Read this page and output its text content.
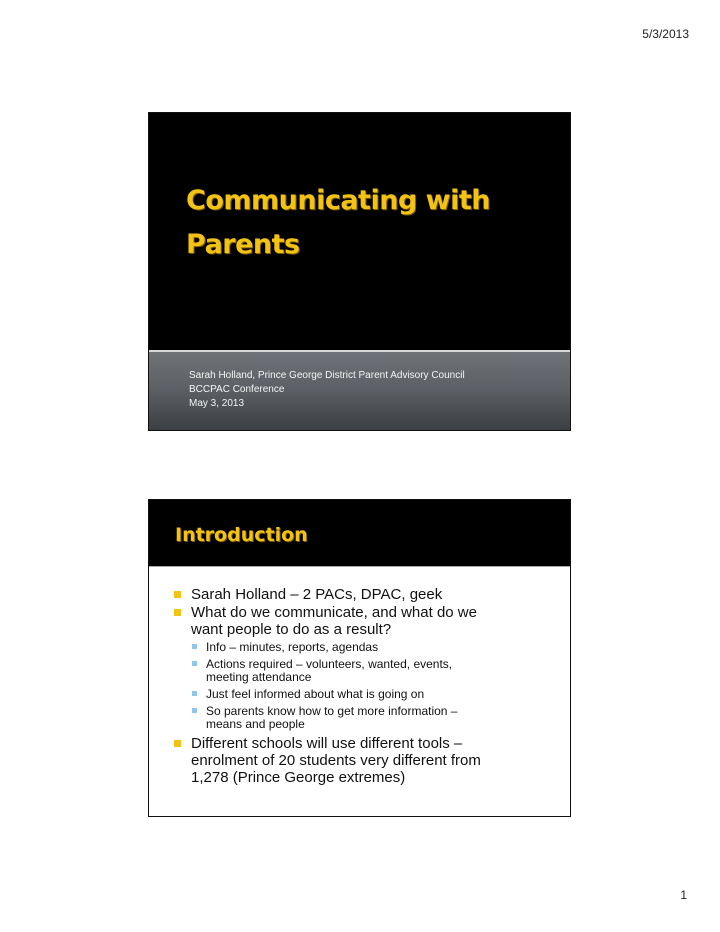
5/3/2013
Communicating with
Parents
Sarah Holland, Prince George District Parent Advisory Council
BCCPAC Conference
May 3, 2013
Introduction
Sarah Holland – 2 PACs, DPAC, geek
What do we communicate, and what do we
want people to do as a result?
Info – minutes, reports, agendas
Actions required – volunteers, wanted, events,
meeting attendance
Just feel informed about what is going on
So parents know how to get more information –
means and people
Different schools will use different tools –
enrolment of 20 students very different from
1,278 (Prince George extremes)
1
